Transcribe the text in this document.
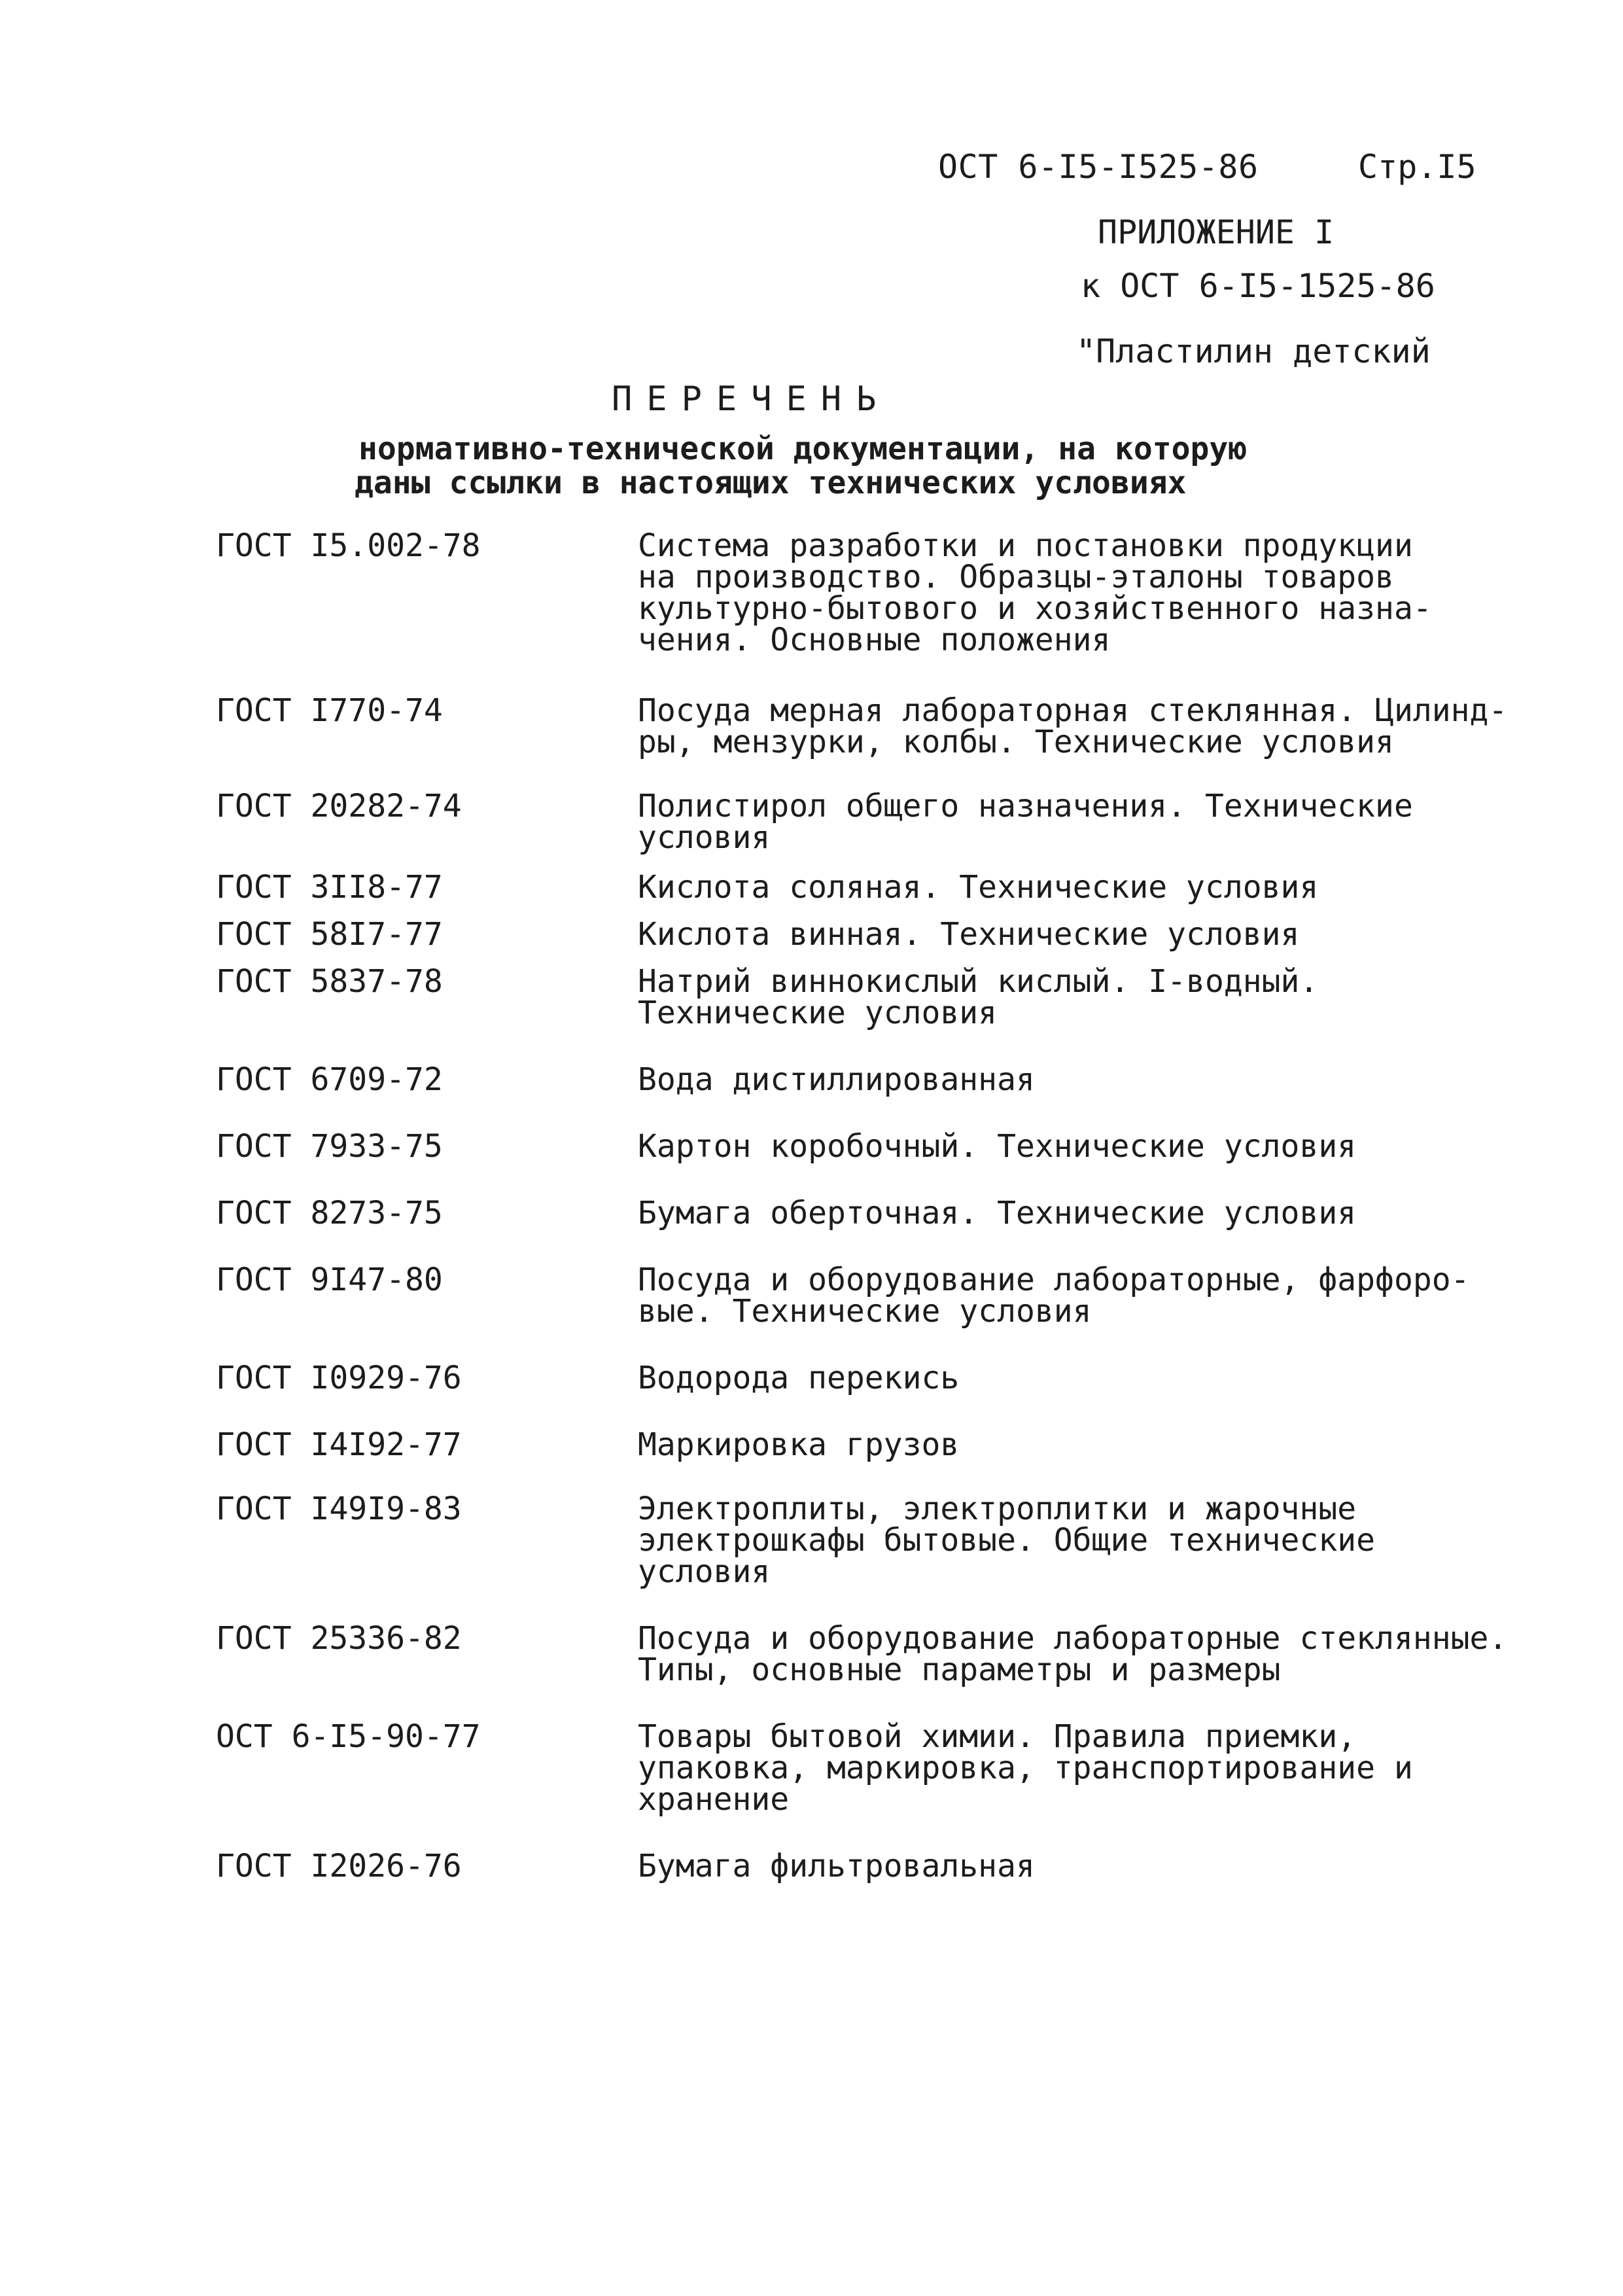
ОСТ 6-I5-I525-86	Стр.I5
ПРИЛОЖЕНИЕ I
к ОСТ 6-I5-1525-86
"Пластилин детский
ПЕРЕЧЕНЬ
нормативно-технической документации, на которую
даны ссылки в настоящих технических условиях
ГОСТ I5.002-78	Система разработки и постановки продукции
на производство. Образцы-эталоны товаров
культурно-бытового и хозяйственного назна-
чения. Основные положения
ГОСТ I770-74	Посуда мерная лабораторная стеклянная. Цилинд-
ры, мензурки, колбы. Технические условия
ГОСТ 20282-74	Полистирол общего назначения. Технические
условия
ГОСТ 3II8-77	Кислота соляная. Технические условия
ГОСТ 58I7-77	Кислота винная. Технические условия
ГОСТ 5837-78	Натрий виннокислый кислый. I-водный.
Технические условия
ГОСТ 6709-72	Вода дистиллированная
ГОСТ 7933-75	Картон коробочный. Технические условия
ГОСТ 8273-75	Бумага оберточная. Технические условия
ГОСТ 9I47-80	Посуда и оборудование лабораторные, фарфоро-
вые. Технические условия
ГОСТ I0929-76	Водорода перекись
ГОСТ I4I92-77	Маркировка грузов
ГОСТ I49I9-83	Электроплиты, электроплитки и жарочные
электрошкафы бытовые. Общие технические
условия
ГОСТ 25336-82	Посуда и оборудование лабораторные стеклянные.
Типы, основные параметры и размеры
ОСТ 6-I5-90-77	Товары бытовой химии. Правила приемки,
упаковка, маркировка, транспортирование и
хранение
ГОСТ I2026-76	Бумага фильтровальная
